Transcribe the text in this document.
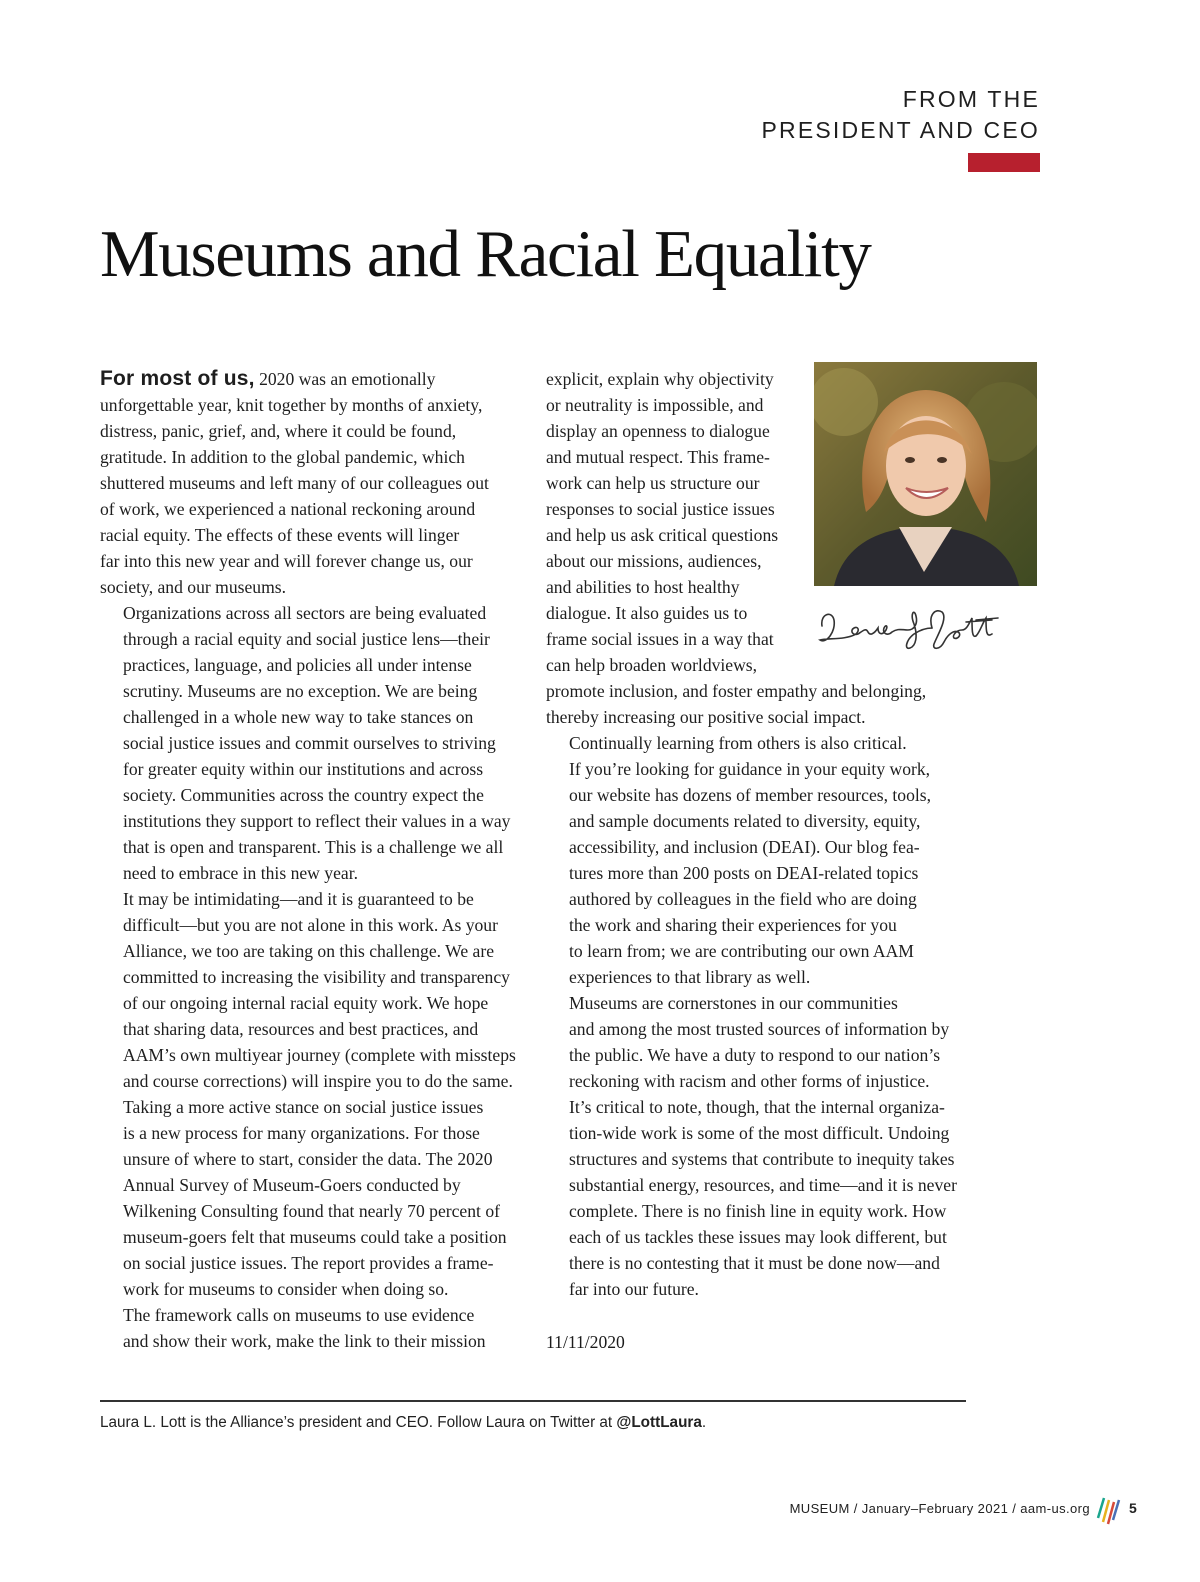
FROM THE
PRESIDENT AND CEO
Museums and Racial Equality

For most of us, 2020 was an emotionally
unforgettable year, knit together by months of anxiety,
distress, panic, grief, and, where it could be found,
gratitude. In addition to the global pandemic, which
shuttered museums and left many of our colleagues out
of work, we experienced a national reckoning around
racial equity. The effects of these events will linger
far into this new year and will forever change us, our
society, and our museums.

Organizations across all sectors are being evaluated
through a racial equity and social justice lens—their
practices, language, and policies all under intense
scrutiny. Museums are no exception. We are being
challenged in a whole new way to take stances on
social justice issues and commit ourselves to striving
for greater equity within our institutions and across
society. Communities across the country expect the
institutions they support to reflect their values in a way
that is open and transparent. This is a challenge we all
need to embrace in this new year.

It may be intimidating—and it is guaranteed to be
difficult—but you are not alone in this work. As your
Alliance, we too are taking on this challenge. We are
committed to increasing the visibility and transparency
of our ongoing internal racial equity work. We hope
that sharing data, resources and best practices, and
AAM’s own multiyear journey (complete with missteps
and course corrections) will inspire you to do the same.

Taking a more active stance on social justice issues
is a new process for many organizations. For those
unsure of where to start, consider the data. The 2020
Annual Survey of Museum-Goers conducted by
Wilkening Consulting found that nearly 70 percent of
museum-goers felt that museums could take a position
on social justice issues. The report provides a frame-
work for museums to consider when doing so.

The framework calls on museums to use evidence
and show their work, make the link to their mission

explicit, explain why objectivity
or neutrality is impossible, and
display an openness to dialogue
and mutual respect. This frame-
work can help us structure our
responses to social justice issues
and help us ask critical questions
about our missions, audiences,
and abilities to host healthy
dialogue. It also guides us to
frame social issues in a way that
can help broaden worldviews,
promote inclusion, and foster empathy and belonging,
thereby increasing our positive social impact.

Continually learning from others is also critical.
If you’re looking for guidance in your equity work,
our website has dozens of member resources, tools,
and sample documents related to diversity, equity,
accessibility, and inclusion (DEAI). Our blog fea-
tures more than 200 posts on DEAI-related topics
authored by colleagues in the field who are doing
the work and sharing their experiences for you
to learn from; we are contributing our own AAM
experiences to that library as well.

Museums are cornerstones in our communities
and among the most trusted sources of information by
the public. We have a duty to respond to our nation’s
reckoning with racism and other forms of injustice.
It’s critical to note, though, that the internal organiza-
tion-wide work is some of the most difficult. Undoing
structures and systems that contribute to inequity takes
substantial energy, resources, and time—and it is never
complete. There is no finish line in equity work. How
each of us tackles these issues may look different, but
there is no contesting that it must be done now—and
far into our future.

11/11/2020
Laura L. Lott is the Alliance’s president and CEO. Follow Laura on Twitter at @LottLaura.
MUSEUM / January–February 2021 / aam-us.org	5
